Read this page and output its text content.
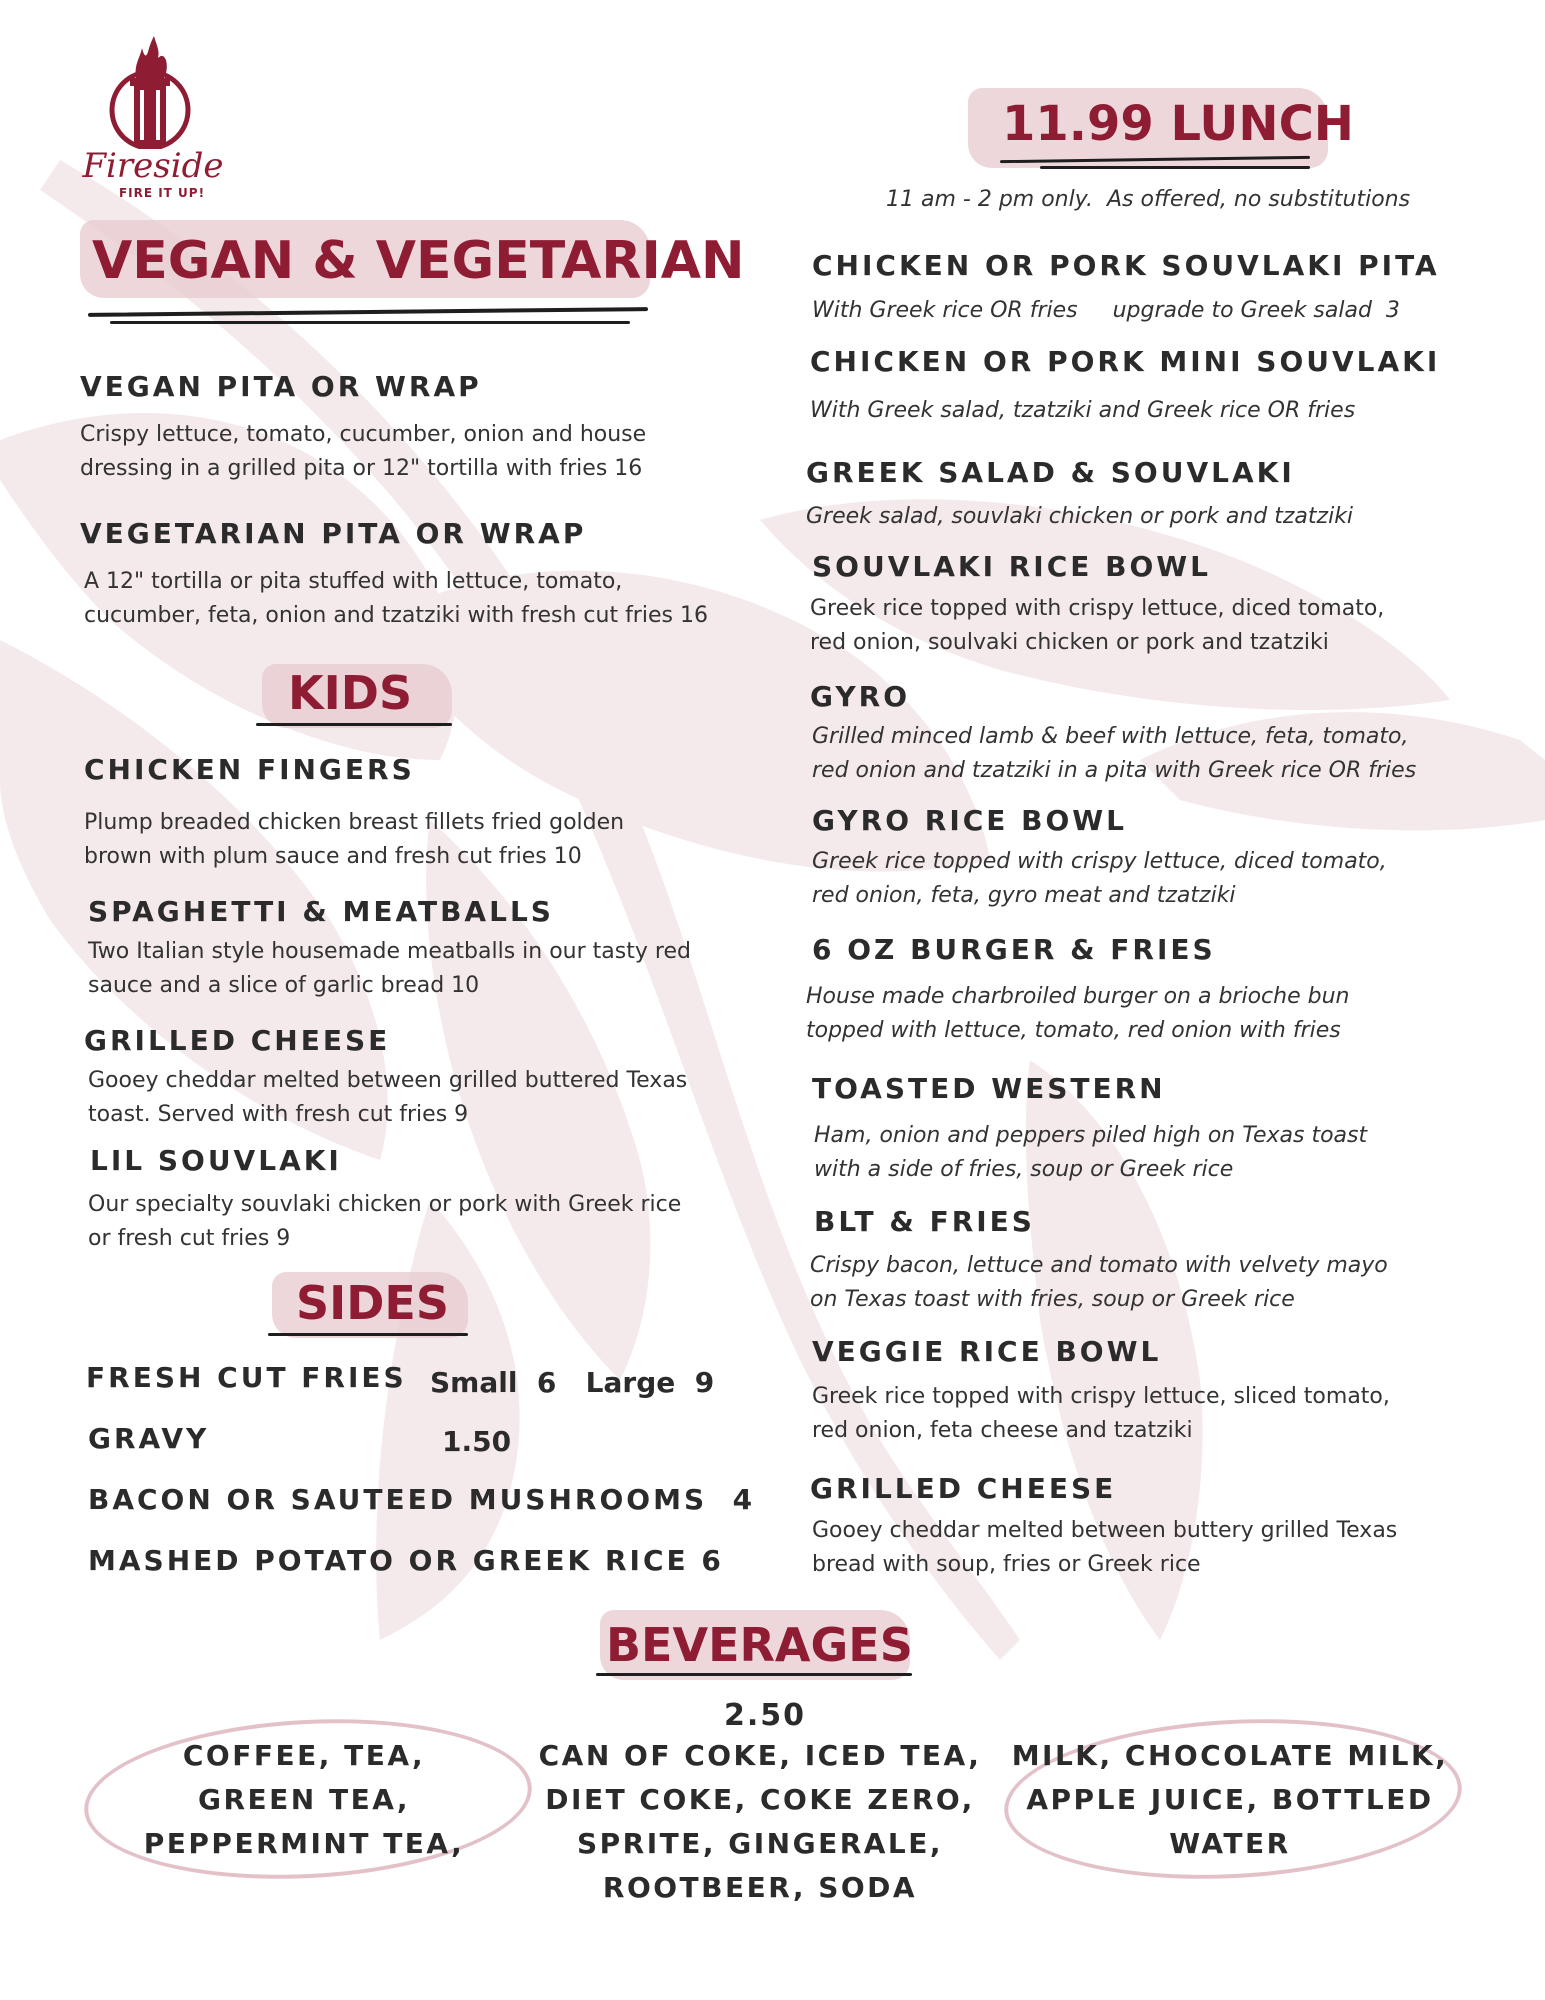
Fireside
FIRE IT UP!
VEGAN & VEGETARIAN
VEGAN PITA OR WRAP
Crispy lettuce, tomato, cucumber, onion and house
dressing in a grilled pita or 12" tortilla with fries 16
VEGETARIAN PITA OR WRAP
A 12" tortilla or pita stuffed with lettuce, tomato,
cucumber, feta, onion and tzatziki with fresh cut fries 16
KIDS
CHICKEN FINGERS
Plump breaded chicken breast fillets fried golden
brown with plum sauce and fresh cut fries 10
SPAGHETTI & MEATBALLS
Two Italian style housemade meatballs in our tasty red
sauce and a slice of garlic bread 10
GRILLED CHEESE
Gooey cheddar melted between grilled buttered Texas
toast. Served with fresh cut fries 9
LIL SOUVLAKI
Our specialty souvlaki chicken or pork with Greek rice
or fresh cut fries 9
SIDES
FRESH CUT FRIES Small  6   Large  9
GRAVY	1.50
BACON OR SAUTEED MUSHROOMS  4
MASHED POTATO OR GREEK RICE 6
11.99 LUNCH
11 am - 2 pm only.  As offered, no substitutions
CHICKEN OR PORK SOUVLAKI PITA
With Greek rice OR fries     upgrade to Greek salad  3
CHICKEN OR PORK MINI SOUVLAKI
With Greek salad, tzatziki and Greek rice OR fries
GREEK SALAD & SOUVLAKI
Greek salad, souvlaki chicken or pork and tzatziki
SOUVLAKI RICE BOWL
Greek rice topped with crispy lettuce, diced tomato,
red onion, soulvaki chicken or pork and tzatziki
GYRO
Grilled minced lamb & beef with lettuce, feta, tomato,
red onion and tzatziki in a pita with Greek rice OR fries
GYRO RICE BOWL
Greek rice topped with crispy lettuce, diced tomato,
red onion, feta, gyro meat and tzatziki
6 OZ BURGER & FRIES
House made charbroiled burger on a brioche bun
topped with lettuce, tomato, red onion with fries
TOASTED WESTERN
Ham, onion and peppers piled high on Texas toast
with a side of fries, soup or Greek rice
BLT & FRIES
Crispy bacon, lettuce and tomato with velvety mayo
on Texas toast with fries, soup or Greek rice
VEGGIE RICE BOWL
Greek rice topped with crispy lettuce, sliced tomato,
red onion, feta cheese and tzatziki
GRILLED CHEESE
Gooey cheddar melted between buttery grilled Texas
bread with soup, fries or Greek rice
BEVERAGES
2.50
COFFEE, TEA,
GREEN TEA,
PEPPERMINT TEA,
CAN OF COKE, ICED TEA,
DIET COKE, COKE ZERO,
SPRITE, GINGERALE,
ROOTBEER, SODA
MILK, CHOCOLATE MILK,
APPLE JUICE, BOTTLED
WATER
